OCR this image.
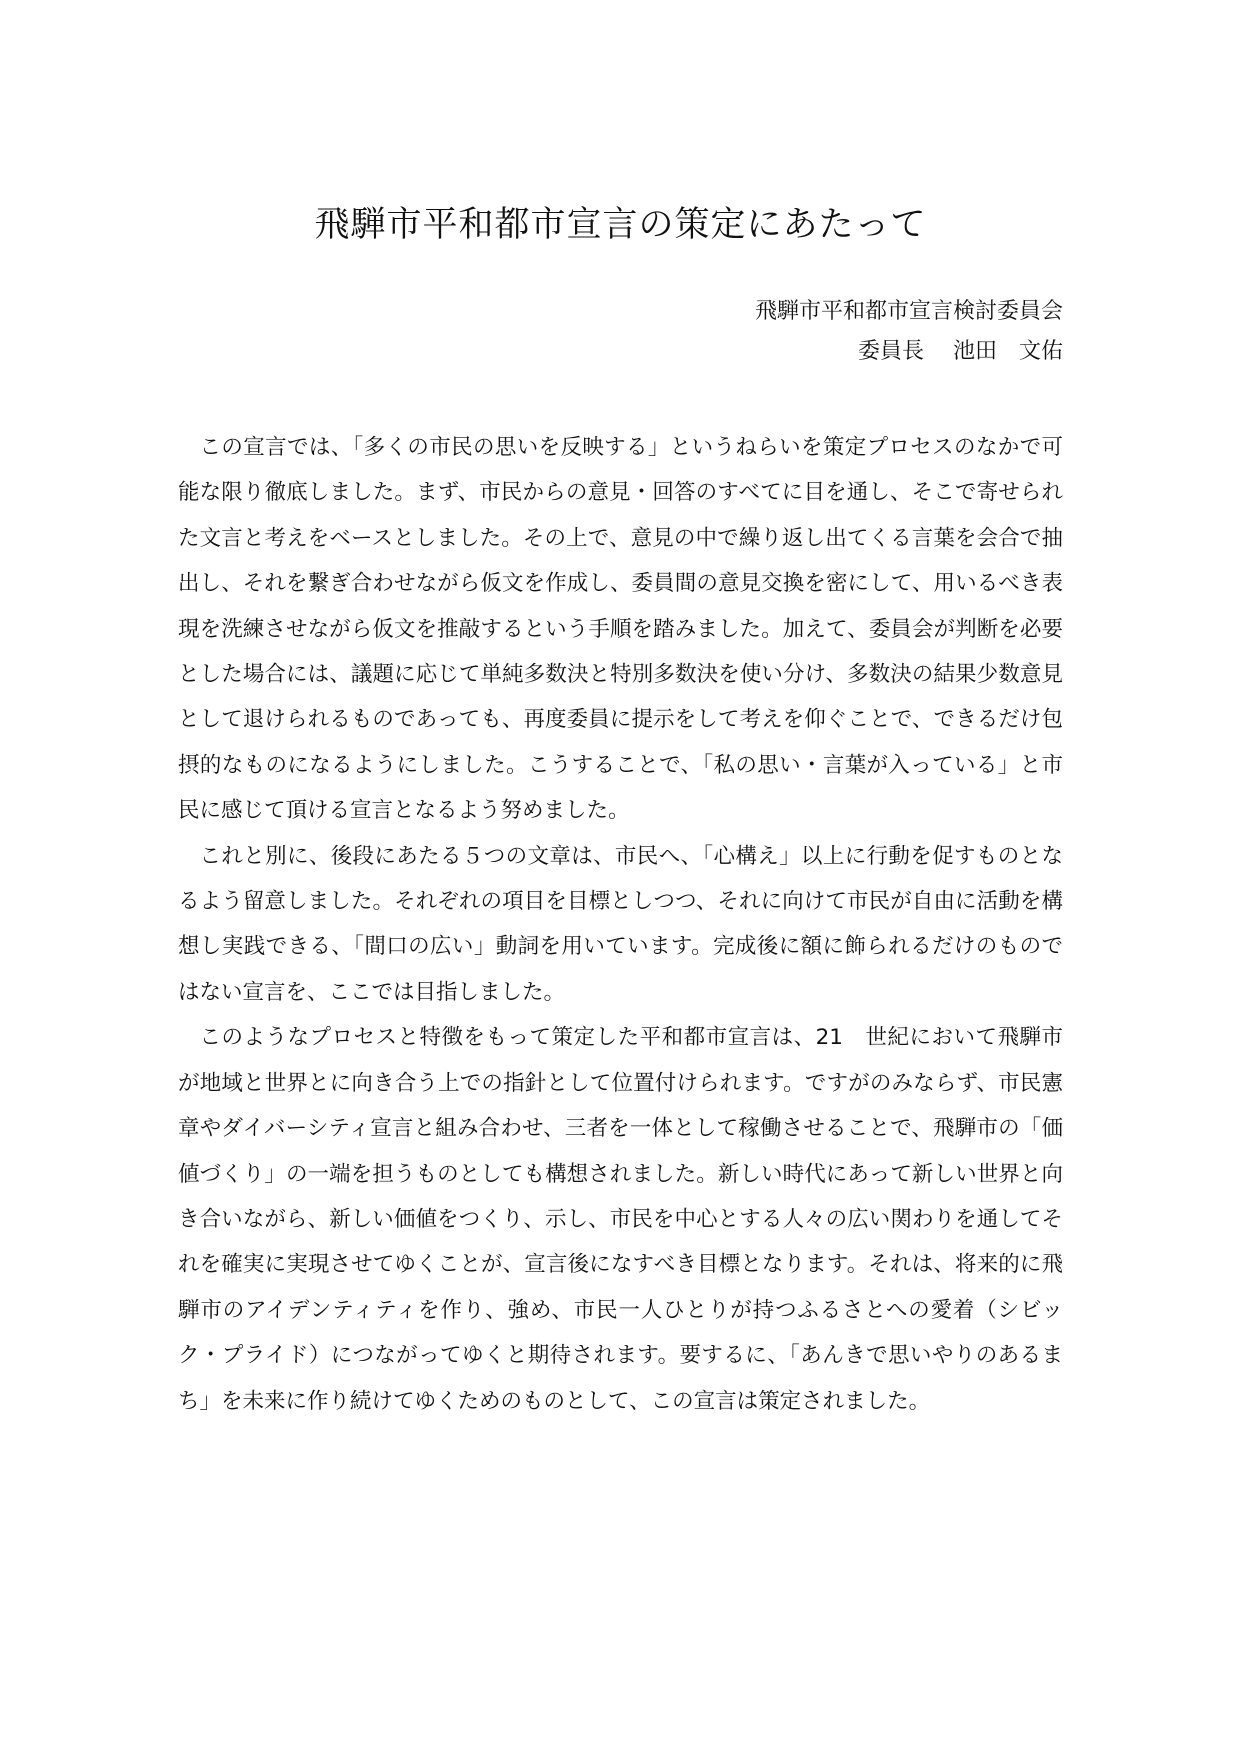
飛騨市平和都市宣言の策定にあたって
飛騨市平和都市宣言検討委員会
委員長　 池田　文佑

この宣言では、「多くの市民の思いを反映する」というねらいを策定プロセスのなかで可能な限り徹底しました。まず、市民からの意見・回答のすべてに目を通し、そこで寄せられた文言と考えをベースとしました。その上で、意見の中で繰り返し出てくる言葉を会合で抽出し、それを繋ぎ合わせながら仮文を作成し、委員間の意見交換を密にして、用いるべき表現を洗練させながら仮文を推敲するという手順を踏みました。加えて、委員会が判断を必要とした場合には、議題に応じて単純多数決と特別多数決を使い分け、多数決の結果少数意見として退けられるものであっても、再度委員に提示をして考えを仰ぐことで、できるだけ包摂的なものになるようにしました。こうすることで、「私の思い・言葉が入っている」と市民に感じて頂ける宣言となるよう努めました。

これと別に、後段にあたる５つの文章は、市民へ、「心構え」以上に行動を促すものとなるよう留意しました。それぞれの項目を目標としつつ、それに向けて市民が自由に活動を構想し実践できる、「間口の広い」動詞を用いています。完成後に額に飾られるだけのものではない宣言を、ここでは目指しました。

このようなプロセスと特徴をもって策定した平和都市宣言は、21　世紀において飛騨市が地域と世界とに向き合う上での指針として位置付けられます。ですがのみならず、市民憲章やダイバーシティ宣言と組み合わせ、三者を一体として稼働させることで、飛騨市の「価値づくり」の一端を担うものとしても構想されました。新しい時代にあって新しい世界と向き合いながら、新しい価値をつくり、示し、市民を中心とする人々の広い関わりを通してそれを確実に実現させてゆくことが、宣言後になすべき目標となります。それは、将来的に飛騨市のアイデンティティを作り、強め、市民一人ひとりが持つふるさとへの愛着（シビック・プライド）につながってゆくと期待されます。要するに、「あんきで思いやりのあるまち」を未来に作り続けてゆくためのものとして、この宣言は策定されました。
